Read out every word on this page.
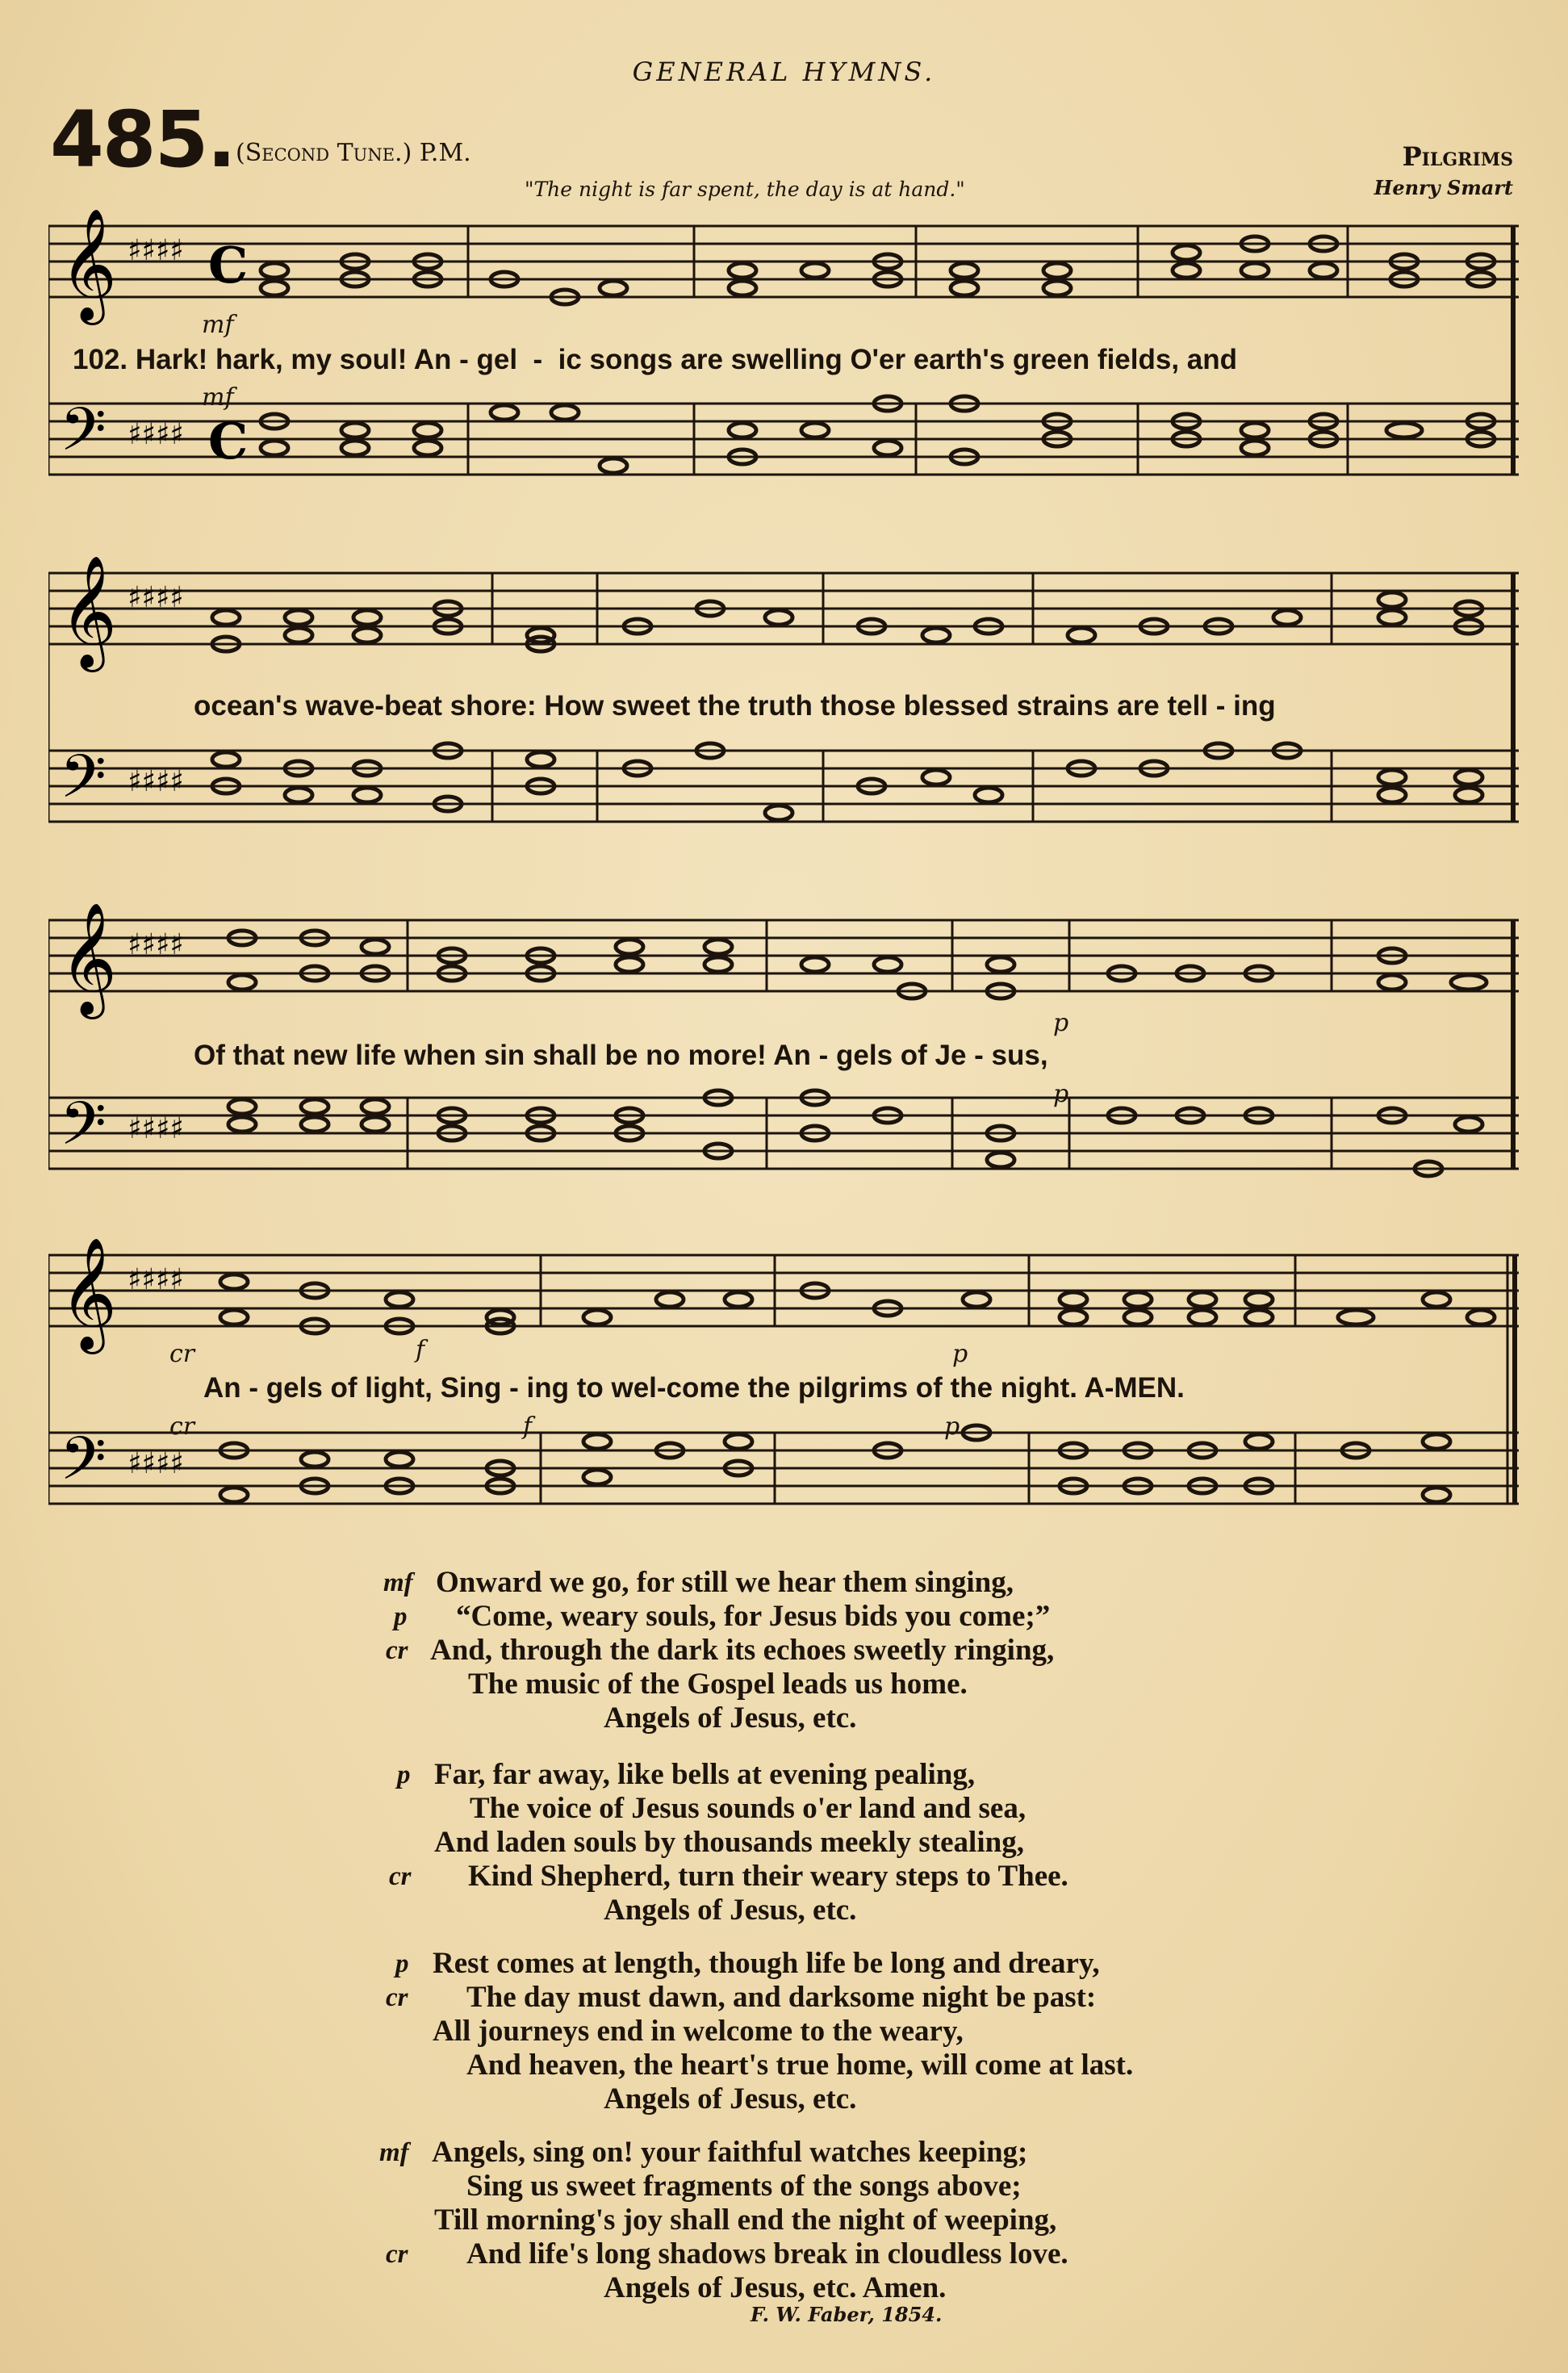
GENERAL HYMNS.
485. (Second Tune.) P.M.
"The night is far spent, the day is at hand."
Pilgrims
Henry Smart
𝄞
𝄢
♯♯♯♯
♯♯♯♯
C
C
mf
102. Hark! hark, my soul! An - gel  -  ic songs are swelling O'er earth's green fields, and
mf
𝄞
𝄢
♯♯♯♯
♯♯♯♯
ocean's wave-beat shore: How sweet the truth those blessed strains are tell - ing
𝄞
𝄢
♯♯♯♯
♯♯♯♯
p
Of that new life when sin shall be no more! An - gels of Je - sus,
p
𝄞
𝄢
♯♯♯♯
♯♯♯♯
cr	f	p
An - gels of light, Sing - ing to wel-come the pilgrims of the night. A-MEN.
cr	f	p
mf Onward we go, for still we hear them singing,
p “Come, weary souls, for Jesus bids you come;”
cr And, through the dark its echoes sweetly ringing,
The music of the Gospel leads us home.
Angels of Jesus, etc.
p Far, far away, like bells at evening pealing,
The voice of Jesus sounds o'er land and sea,
And laden souls by thousands meekly stealing,
cr Kind Shepherd, turn their weary steps to Thee.
Angels of Jesus, etc.
p Rest comes at length, though life be long and dreary,
cr The day must dawn, and darksome night be past:
All journeys end in welcome to the weary,
And heaven, the heart's true home, will come at last.
Angels of Jesus, etc.
mf Angels, sing on! your faithful watches keeping;
Sing us sweet fragments of the songs above;
Till morning's joy shall end the night of weeping,
cr And life's long shadows break in cloudless love.
Angels of Jesus, etc. Amen.
F. W. Faber, 1854.
